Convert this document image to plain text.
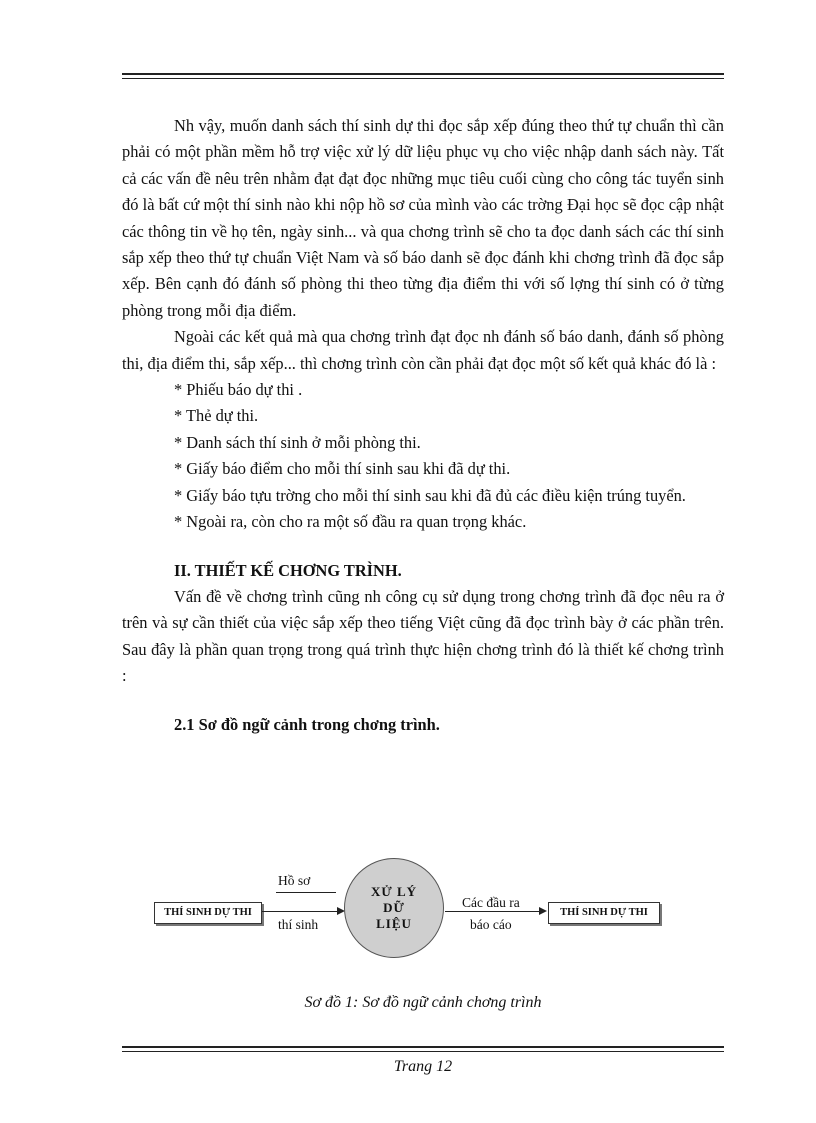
Nh vậy, muốn danh sách thí sinh dự thi đọc sắp xếp đúng theo thứ tự chuẩn thì cần phải có một phần mềm hỗ trợ việc xử lý dữ liệu phục vụ cho việc nhập danh sách này. Tất cả các vấn đề nêu trên nhằm đạt đạt đọc những mục tiêu cuối cùng cho công tác tuyển sinh đó là bất cứ một thí sinh nào khi nộp hồ sơ của mình vào các trờng Đại học sẽ đọc cập nhật các thông tin về họ tên, ngày sinh... và qua chơng trình sẽ cho ta đọc danh sách các thí sinh sắp xếp theo thứ tự chuẩn Việt Nam và số báo danh sẽ đọc đánh khi chơng trình đã đọc sắp xếp. Bên cạnh đó đánh số phòng thi theo từng địa điểm thi với số lợng thí sinh có ở từng phòng trong mỗi địa điểm.

Ngoài các kết quả mà qua chơng trình đạt đọc nh đánh số báo danh, đánh số phòng thi, địa điểm thi, sắp xếp... thì chơng trình còn cần phải đạt đọc một số kết quả khác đó là :

* Phiếu báo dự thi .

* Thẻ dự thi.

* Danh sách thí sinh ở mỗi phòng thi.

* Giấy báo điểm cho mỗi thí sinh sau khi đã dự thi.

* Giấy báo tựu trờng cho mỗi thí sinh sau khi đã đủ các điều kiện trúng tuyển.

* Ngoài ra, còn cho ra một số đầu ra quan trọng khác.

II. THIẾT KẾ CHƠNG TRÌNH.

Vấn đề về chơng trình cũng nh công cụ sử dụng trong chơng trình đã đọc nêu ra ở trên và sự cần thiết của việc sắp xếp theo tiếng Việt cũng đã đọc trình bày ở các phần trên. Sau đây là phần quan trọng trong quá trình thực hiện chơng trình đó là thiết kế chơng trình :

2.1 Sơ đồ ngữ cảnh trong chơng trình.

THÍ SINH DỰ THI
Hồ sơ
thí sinh
XỬ LÝ
DỮ
LIỆU
Các đầu ra
báo cáo
THÍ SINH DỰ THI
Sơ đồ 1: Sơ đồ ngữ cảnh chơng trình
Trang 12
